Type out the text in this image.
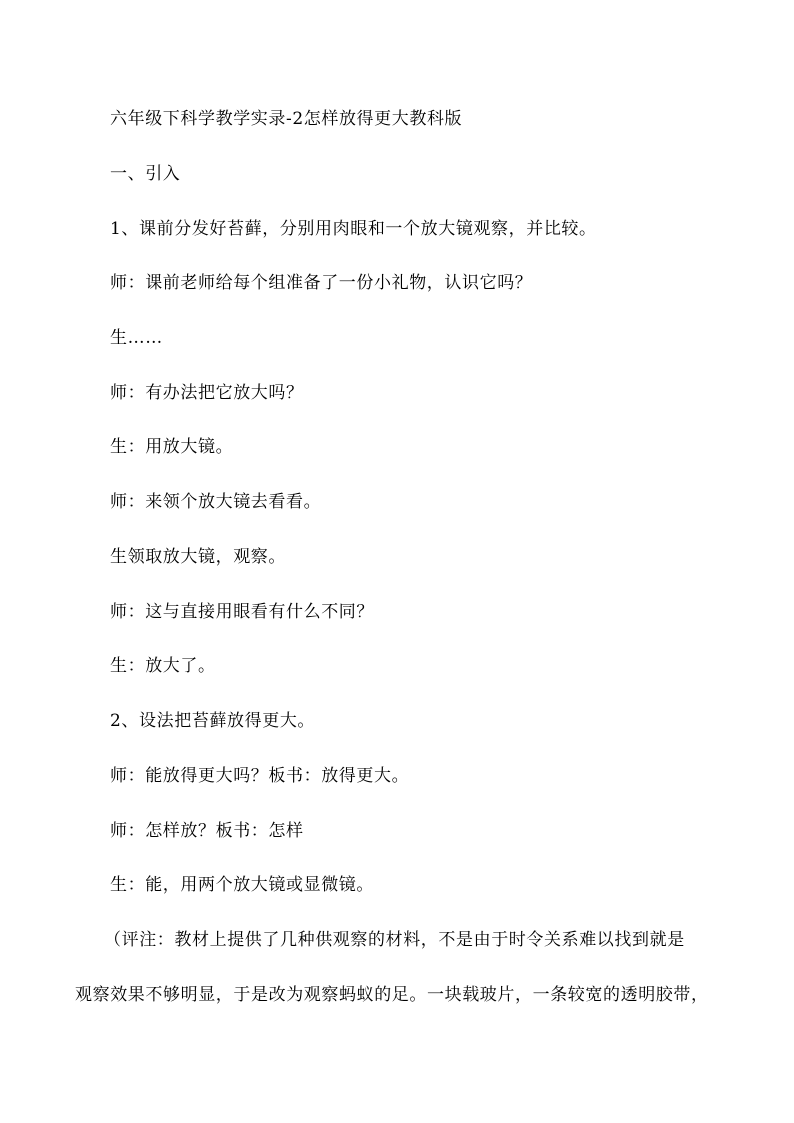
六年级下科学教学实录-2怎样放得更大教科版
一、引入
1、课前分发好苔藓，分别用肉眼和一个放大镜观察，并比较。
师：课前老师给每个组准备了一份小礼物，认识它吗？
生……
师：有办法把它放大吗？
生：用放大镜。
师：来领个放大镜去看看。
生领取放大镜，观察。
师：这与直接用眼看有什么不同？
生：放大了。
2、设法把苔藓放得更大。
师：能放得更大吗？板书：放得更大。
师：怎样放？板书：怎样
生：能，用两个放大镜或显微镜。
（评注：教材上提供了几种供观察的材料，不是由于时令关系难以找到就是
观察效果不够明显，于是改为观察蚂蚁的足。一块载玻片，一条较宽的透明胶带，
